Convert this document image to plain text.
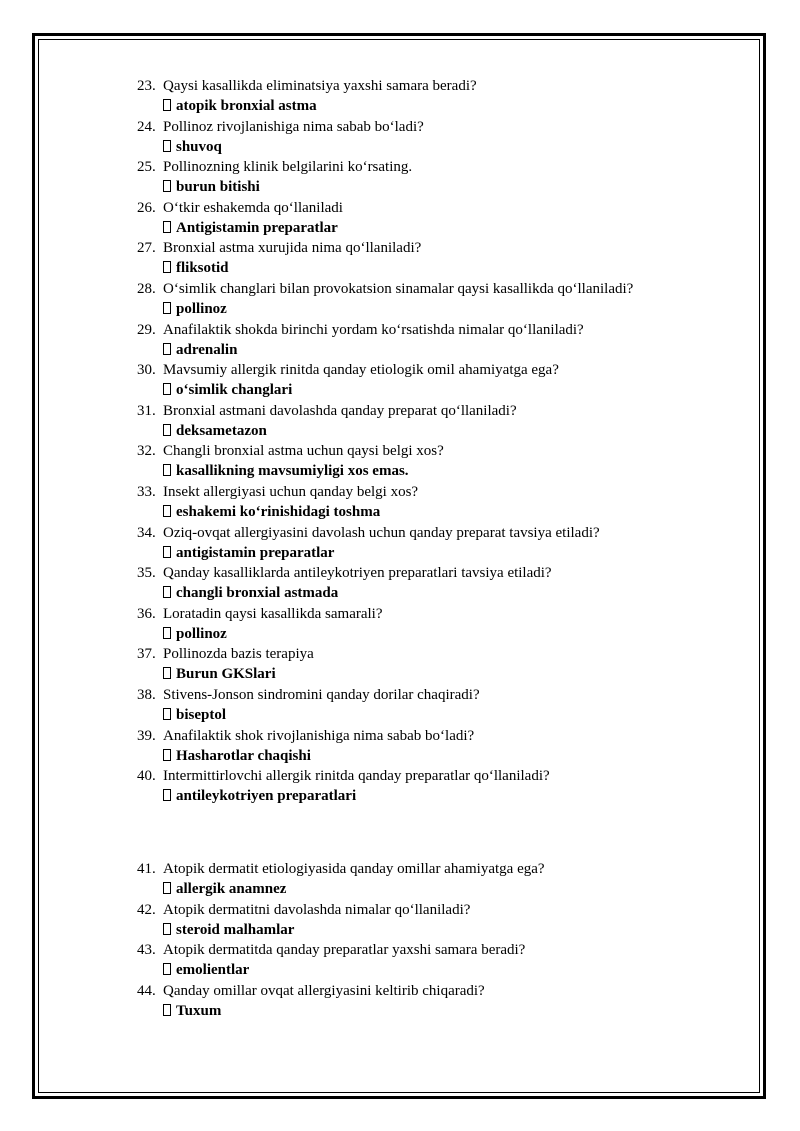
23. Qaysi kasallikda eliminatsiya yaxshi samara beradi?
atopik bronxial astma
24. Pollinoz rivojlanishiga nima sabab bo‘ladi?
shuvoq
25. Pollinozning klinik belgilarini ko‘rsating.
burun bitishi
26. O‘tkir eshakemda qo‘llaniladi
Antigistamin preparatlar
27. Bronxial astma xurujida nima qo‘llaniladi?
fliksotid
28. O‘simlik changlari bilan provokatsion sinamalar qaysi kasallikda qo‘llaniladi?
pollinoz
29. Anafilaktik shokda birinchi yordam ko‘rsatishda nimalar qo‘llaniladi?
adrenalin
30. Mavsumiy allergik rinitda qanday etiologik omil ahamiyatga ega?
o‘simlik changlari
31. Bronxial astmani davolashda qanday preparat qo‘llaniladi?
deksametazon
32. Changli bronxial astma uchun qaysi belgi xos?
kasallikning mavsumiyligi xos emas.
33. Insekt allergiyasi uchun qanday belgi xos?
eshakemi ko‘rinishidagi toshma
34. Oziq-ovqat allergiyasini davolash uchun qanday preparat tavsiya etiladi?
antigistamin preparatlar
35. Qanday kasalliklarda antileykotriyen preparatlari tavsiya etiladi?
changli bronxial astmada
36. Loratadin qaysi kasallikda samarali?
pollinoz
37. Pollinozda bazis terapiya
Burun GKSlari
38. Stivens-Jonson sindromini qanday dorilar chaqiradi?
biseptol
39. Anafilaktik shok rivojlanishiga nima sabab bo‘ladi?
Hasharotlar chaqishi
40. Intermittirlovchi allergik rinitda qanday preparatlar qo‘llaniladi?
antileykotriyen preparatlari
41. Atopik dermatit etiologiyasida qanday omillar ahamiyatga ega?
allergik anamnez
42. Atopik dermatitni davolashda nimalar qo‘llaniladi?
steroid malhamlar
43. Atopik dermatitda qanday preparatlar yaxshi samara beradi?
emolientlar
44. Qanday omillar ovqat allergiyasini keltirib chiqaradi?
Tuxum
